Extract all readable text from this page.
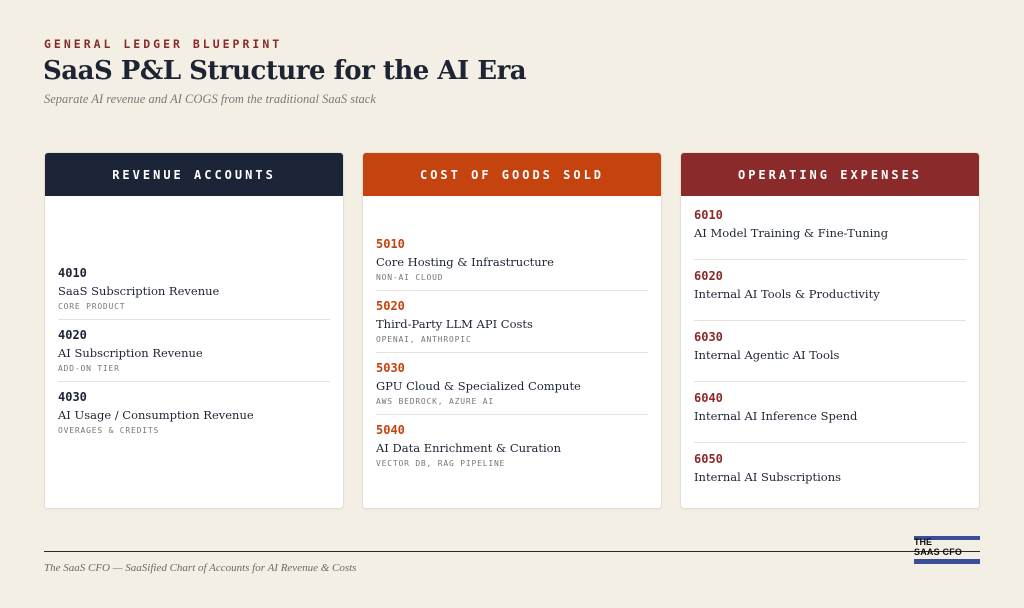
GENERAL LEDGER BLUEPRINT
SaaS P&L Structure for the AI Era
Separate AI revenue and AI COGS from the traditional SaaS stack
REVENUE ACCOUNTS
4010
SaaS Subscription Revenue
CORE PRODUCT
4020
AI Subscription Revenue
ADD-ON TIER
4030
AI Usage / Consumption Revenue
OVERAGES & CREDITS
COST OF GOODS SOLD
5010
Core Hosting & Infrastructure
NON-AI CLOUD
5020
Third-Party LLM API Costs
OPENAI, ANTHROPIC
5030
GPU Cloud & Specialized Compute
AWS BEDROCK, AZURE AI
5040
AI Data Enrichment & Curation
VECTOR DB, RAG PIPELINE
OPERATING EXPENSES
6010
AI Model Training & Fine-Tuning
6020
Internal AI Tools & Productivity
6030
Internal Agentic AI Tools
6040
Internal AI Inference Spend
6050
Internal AI Subscriptions
The SaaS CFO — SaaSified Chart of Accounts for AI Revenue & Costs
THE
SAAS CFO
